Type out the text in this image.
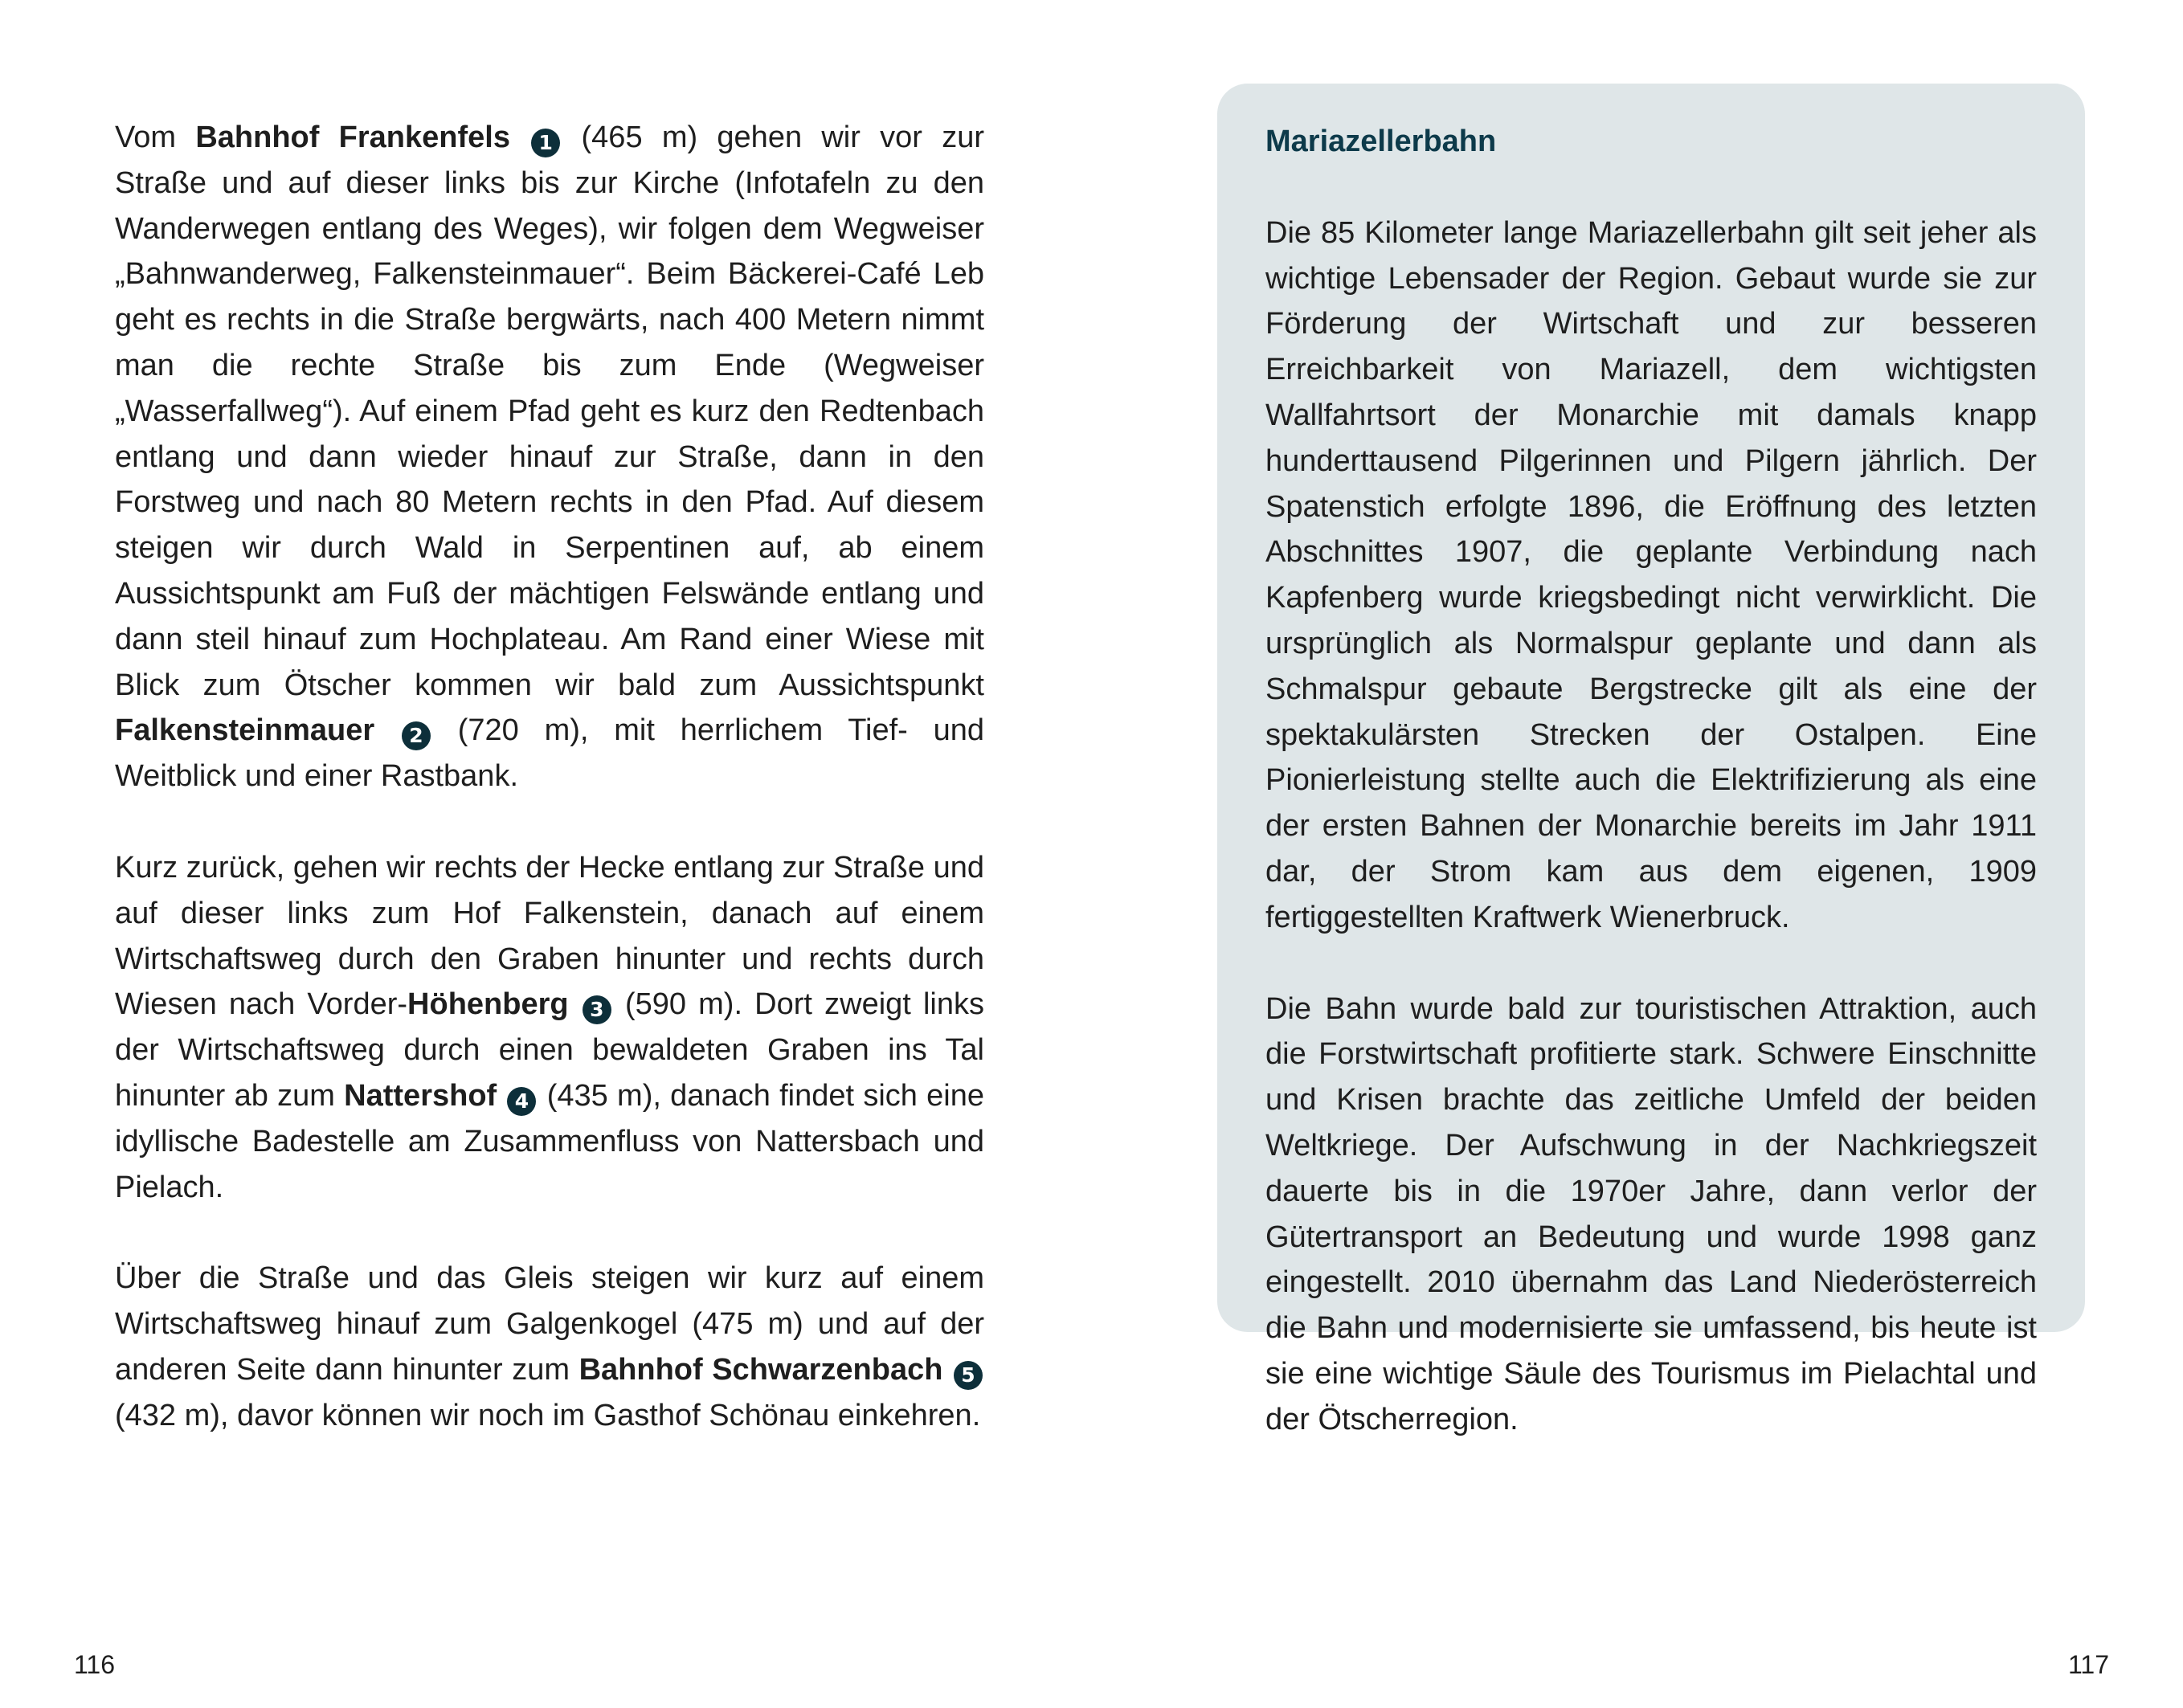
Vom Bahnhof Frankenfels 1 (465 m) gehen wir vor zur Straße und auf dieser links bis zur Kirche (Infotafeln zu den Wanderwegen entlang des Weges), wir folgen dem Wegweiser „Bahnwanderweg, Falkensteinmauer“. Beim Bäckerei-Café Leb geht es rechts in die Straße bergwärts, nach 400 Metern nimmt man die rechte Straße bis zum Ende (Wegweiser „Wasserfallweg“). Auf einem Pfad geht es kurz den Redtenbach entlang und dann wieder hinauf zur Straße, dann in den Forstweg und nach 80 Metern rechts in den Pfad. Auf diesem steigen wir durch Wald in Serpentinen auf, ab einem Aussichtspunkt am Fuß der mächtigen Felswände entlang und dann steil hinauf zum Hochplateau. Am Rand einer Wiese mit Blick zum Ötscher kommen wir bald zum Aussichtspunkt Falkensteinmauer 2 (720 m), mit herrlichem Tief- und Weitblick und einer Rastbank.

Kurz zurück, gehen wir rechts der Hecke entlang zur Straße und auf dieser links zum Hof Falkenstein, danach auf einem Wirtschaftsweg durch den Graben hinunter und rechts durch Wiesen nach Vorder-Höhenberg 3 (590 m). Dort zweigt links der Wirtschaftsweg durch einen bewaldeten Graben ins Tal hinunter ab zum Nattershof 4 (435 m), danach findet sich eine idyllische Badestelle am Zusammenfluss von Nattersbach und Pielach.

Über die Straße und das Gleis steigen wir kurz auf einem Wirtschaftsweg hinauf zum Galgenkogel (475 m) und auf der anderen Seite dann hinunter zum Bahnhof Schwarzenbach 5 (432 m), davor können wir noch im Gasthof Schönau einkehren.

116
Mariazellerbahn

Die 85 Kilometer lange Mariazellerbahn gilt seit jeher als wichtige Lebensader der Region. Gebaut wurde sie zur Förderung der Wirtschaft und zur besseren Erreichbarkeit von Mariazell, dem wichtigsten Wallfahrtsort der Monarchie mit damals knapp hunderttausend Pilgerinnen und Pilgern jährlich. Der Spatenstich erfolgte 1896, die Eröffnung des letzten Abschnittes 1907, die geplante Verbindung nach Kapfenberg wurde kriegsbedingt nicht verwirklicht. Die ursprünglich als Normalspur geplante und dann als Schmalspur gebaute Bergstrecke gilt als eine der spektakulärsten Strecken der Ostalpen. Eine Pionierleistung stellte auch die Elektrifizierung als eine der ersten Bahnen der Monarchie bereits im Jahr 1911 dar, der Strom kam aus dem eigenen, 1909 fertiggestellten Kraftwerk Wienerbruck.

Die Bahn wurde bald zur touristischen Attraktion, auch die Forstwirtschaft profitierte stark. Schwere Einschnitte und Krisen brachte das zeitliche Umfeld der beiden Weltkriege. Der Aufschwung in der Nachkriegszeit dauerte bis in die 1970er Jahre, dann verlor der Gütertransport an Bedeutung und wurde 1998 ganz eingestellt. 2010 übernahm das Land Niederösterreich die Bahn und modernisierte sie umfassend, bis heute ist sie eine wichtige Säule des Tourismus im Pielachtal und der Ötscherregion.

117
